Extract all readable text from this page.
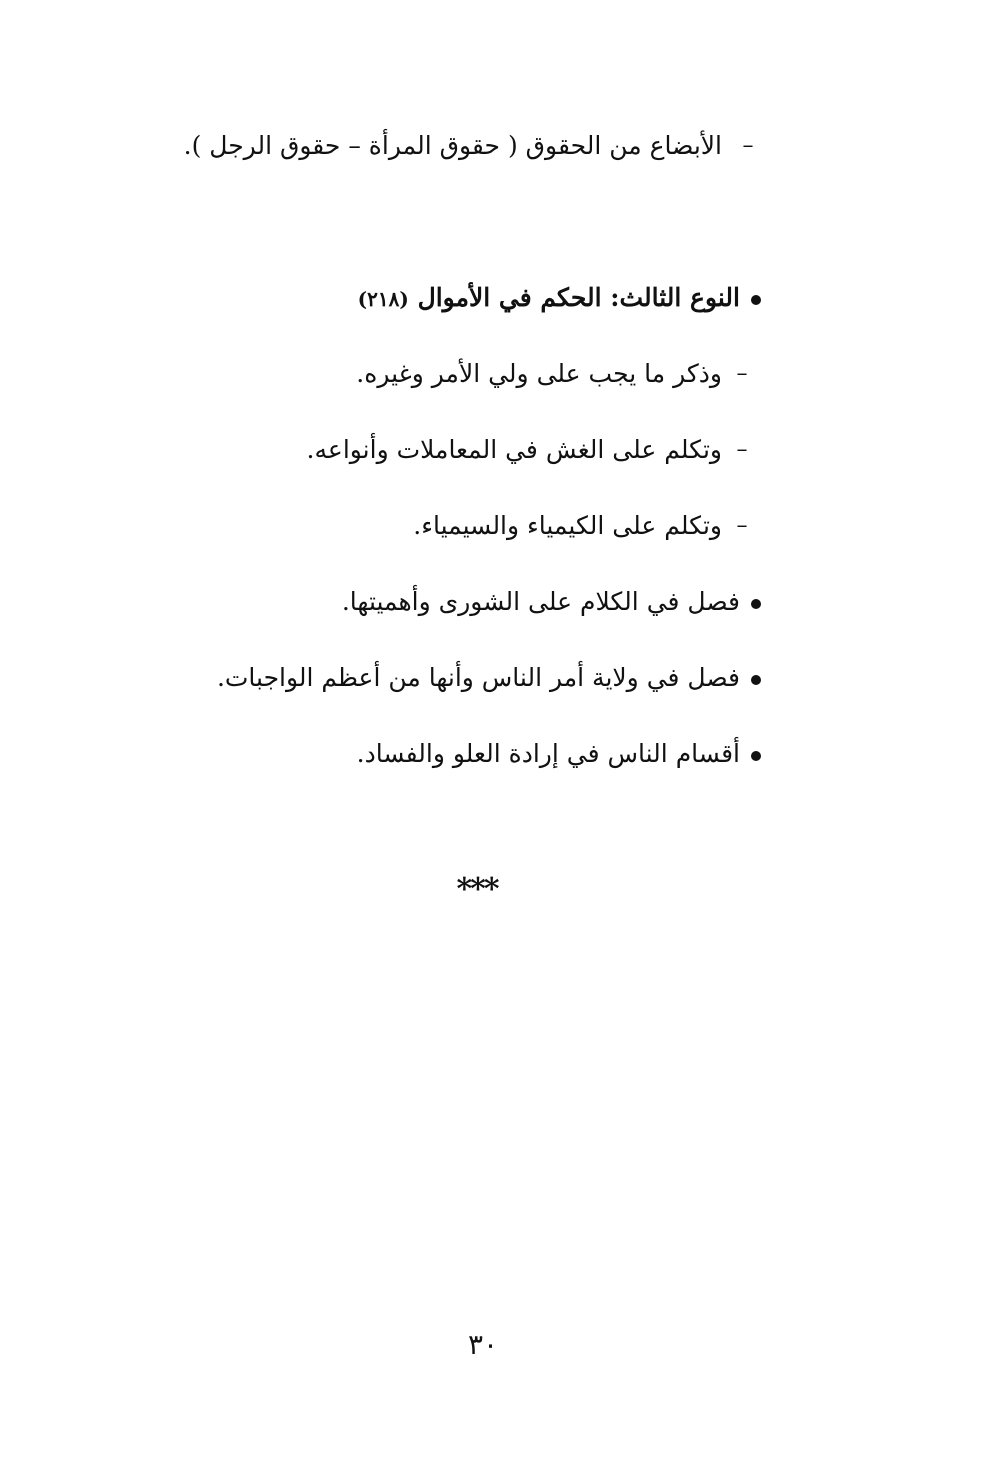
–
الأبضاع من الحقوق ( حقوق المرأة – حقوق الرجل ).
النوع الثالث: الحكم في الأموال (٢١٨)
–
وذكر ما يجب على ولي الأمر وغيره.
–
وتكلم على الغش في المعاملات وأنواعه.
–
وتكلم على الكيمياء والسيمياء.
فصل في الكلام على الشورى وأهميتها.
فصل في ولاية أمر الناس وأنها من أعظم الواجبات.
أقسام الناس في إرادة العلو والفساد.
***
٣٠
